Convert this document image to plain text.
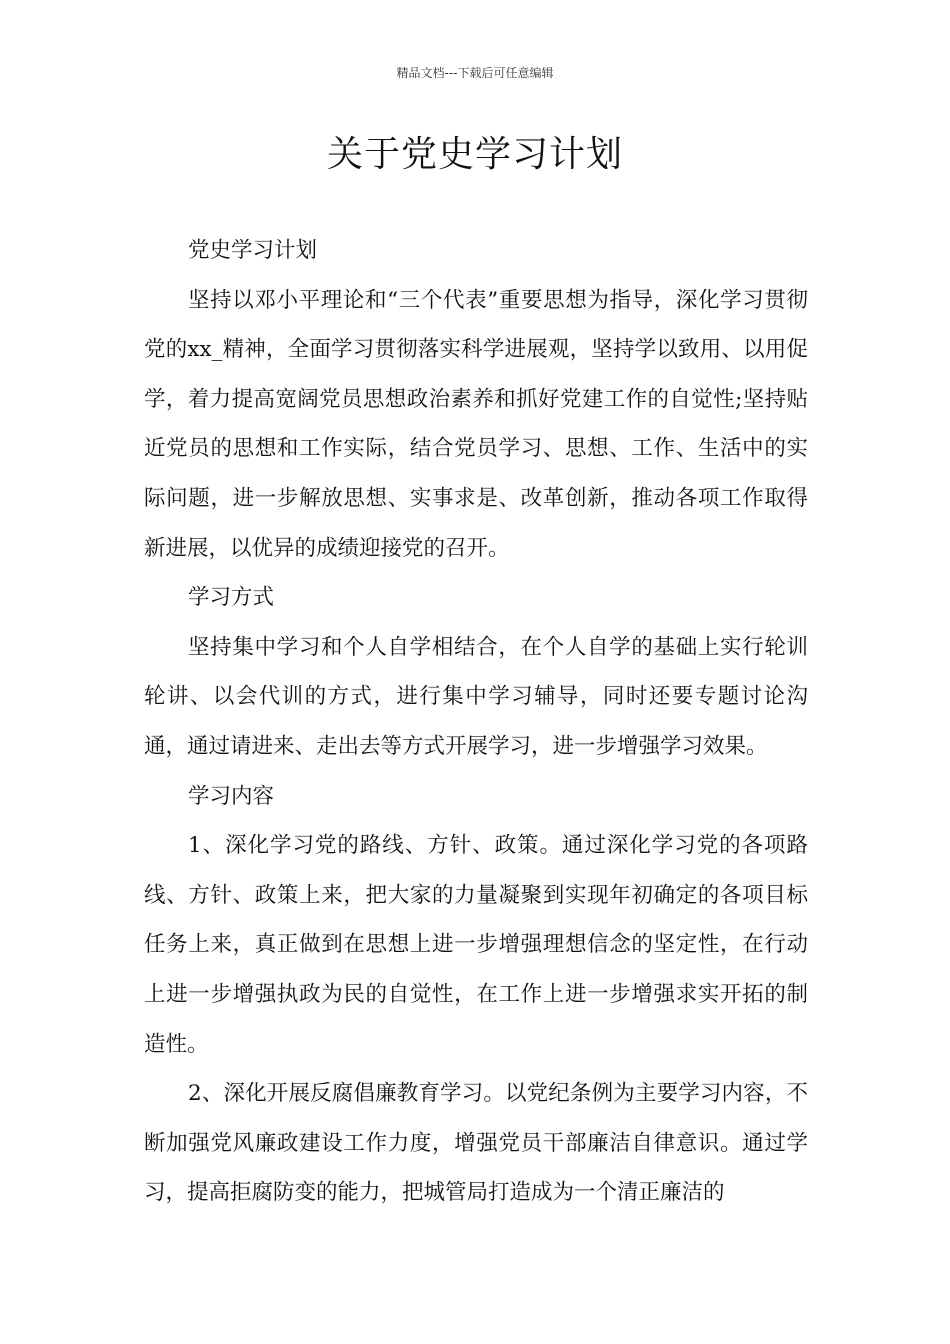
精品文档---下载后可任意编辑
关于党史学习计划

党史学习计划

坚持以邓小平理论和“三个代表”重要思想为指导，深化学习贯彻党的xx_精神，全面学习贯彻落实科学进展观，坚持学以致用、以用促学，着力提高宽阔党员思想政治素养和抓好党建工作的自觉性;坚持贴近党员的思想和工作实际，结合党员学习、思想、工作、生活中的实际问题，进一步解放思想、实事求是、改革创新，推动各项工作取得新进展，以优异的成绩迎接党的召开。

学习方式

坚持集中学习和个人自学相结合，在个人自学的基础上实行轮训轮讲、以会代训的方式，进行集中学习辅导，同时还要专题讨论沟通，通过请进来、走出去等方式开展学习，进一步增强学习效果。

学习内容

1、深化学习党的路线、方针、政策。通过深化学习党的各项路线、方针、政策上来，把大家的力量凝聚到实现年初确定的各项目标任务上来，真正做到在思想上进一步增强理想信念的坚定性，在行动上进一步增强执政为民的自觉性，在工作上进一步增强求实开拓的制造性。

2、深化开展反腐倡廉教育学习。以党纪条例为主要学习内容，不断加强党风廉政建设工作力度，增强党员干部廉洁自律意识。通过学习，提高拒腐防变的能力，把城管局打造成为一个清正廉洁的
